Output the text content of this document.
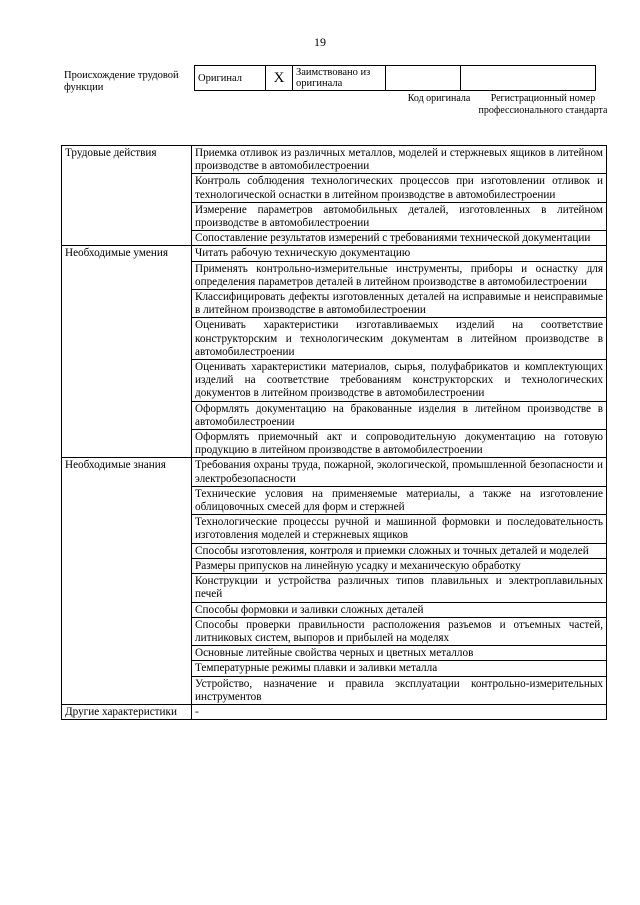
19
Происхождение трудовой функции
Оригинал	X	Заимствовано из оригинала		
Код оригинала	Регистрационный номер профессионального стандарта
Трудовые действия	Приемка отливок из различных металлов, моделей и стержневых ящиков в литейном производстве в автомобилестроении
	Контроль соблюдения технологических процессов при изготовлении отливок и технологической оснастки в литейном производстве в автомобилестроении
	Измерение параметров автомобильных деталей, изготовленных в литейном производстве в автомобилестроении
	Сопоставление результатов измерений с требованиями технической документации
Необходимые умения	Читать рабочую техническую документацию
	Применять контрольно-измерительные инструменты, приборы и оснастку для определения параметров деталей в литейном производстве в автомобилестроении
	Классифицировать дефекты изготовленных деталей на исправимые и неисправимые в литейном производстве в автомобилестроении
	Оценивать характеристики изготавливаемых изделий на соответствие конструкторским и технологическим документам в литейном производстве в автомобилестроении
	Оценивать характеристики материалов, сырья, полуфабрикатов и комплектующих изделий на соответствие требованиям конструкторских и технологических документов в литейном производстве в автомобилестроении
	Оформлять документацию на бракованные изделия в литейном производстве в автомобилестроении
	Оформлять приемочный акт и сопроводительную документацию на готовую продукцию в литейном производстве в автомобилестроении
Необходимые знания	Требования охраны труда, пожарной, экологической, промышленной безопасности и электробезопасности
	Технические условия на применяемые материалы, а также на изготовление облицовочных смесей для форм и стержней
	Технологические процессы ручной и машинной формовки и последовательность изготовления моделей и стержневых ящиков
	Способы изготовления, контроля и приемки сложных и точных деталей и моделей
	Размеры припусков на линейную усадку и механическую обработку
	Конструкции и устройства различных типов плавильных и электроплавильных печей
	Способы формовки и заливки сложных деталей
	Способы проверки правильности расположения разъемов и отъемных частей, литниковых систем, выпоров и прибылей на моделях
	Основные литейные свойства черных и цветных металлов
	Температурные режимы плавки и заливки металла
	Устройство, назначение и правила эксплуатации контрольно-измерительных инструментов
Другие характеристики	-
